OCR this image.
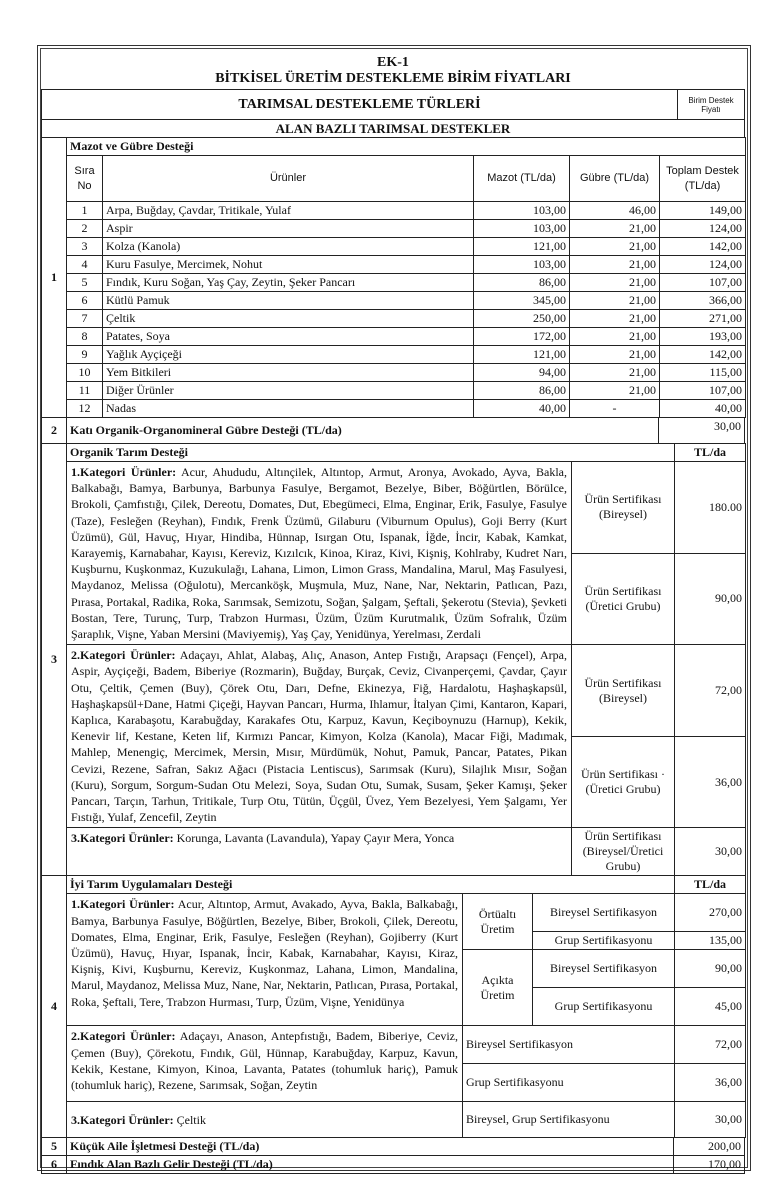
EK-1
BİTKİSEL ÜRETİM DESTEKLEME BİRİM FİYATLARI
TARIMSAL DESTEKLEME TÜRLERİ	Birim Destek Fiyatı
ALAN BAZLI TARIMSAL DESTEKLER
1	Mazot ve Gübre Desteği				
	Sıra No	Ürünler	Mazot (TL/da)	Gübre (TL/da)	Toplam Destek (TL/da)
	1	Arpa, Buğday, Çavdar, Tritikale, Yulaf	103,00	46,00	149,00
	2	Aspir	103,00	21,00	124,00
	3	Kolza (Kanola)	121,00	21,00	142,00
	4	Kuru Fasulye, Mercimek, Nohut	103,00	21,00	124,00
	5	Fındık, Kuru Soğan, Yaş Çay, Zeytin, Şeker Pancarı	86,00	21,00	107,00
	6	Kütlü Pamuk	345,00	21,00	366,00
	7	Çeltik	250,00	21,00	271,00
	8	Patates, Soya	172,00	21,00	193,00
	9	Yağlık Ayçiçeği	121,00	21,00	142,00
	10	Yem Bitkileri	94,00	21,00	115,00
	11	Diğer Ürünler	86,00	21,00	107,00
	12	Nadas	40,00	-	40,00
2	Katı Organik-Organomineral Gübre Desteği (TL/da)	30,00
3	Organik Tarım Desteği		TL/da
	1.Kategori Ürünler: Acur, Ahududu, Altınçilek, Altıntop, Armut, Aronya, Avokado, Ayva, Bakla, Balkabağı, Bamya, Barbunya, Barbunya Fasulye, Bergamot, Bezelye, Biber, Böğürtlen, Börülce, Brokoli, Çamfıstığı, Çilek, Dereotu, Domates, Dut, Ebegümeci, Elma, Enginar, Erik, Fasulye, Fasulye (Taze), Fesleğen (Reyhan), Fındık, Frenk Üzümü, Gilaburu (Viburnum Opulus), Goji Berry (Kurt Üzümü), Gül, Havuç, Hıyar, Hindiba, Hünnap, Isırgan Otu, Ispanak, İğde, İncir, Kabak, Kamkat, Karayemiş, Karnabahar, Kayısı, Kereviz, Kızılcık, Kinoa, Kiraz, Kivi, Kişniş, Kohlraby, Kudret Narı, Kuşburnu, Kuşkonmaz, Kuzukulağı, Lahana, Limon, Limon Grass, Mandalina, Marul, Maş Fasulyesi, Maydanoz, Melissa (Oğulotu), Mercanköşk, Muşmula, Muz, Nane, Nar, Nektarin, Patlıcan, Pazı, Pırasa, Portakal, Radika, Roka, Sarımsak, Semizotu, Soğan, Şalgam, Şeftali, Şekerotu (Stevia), Şevketi Bostan, Tere, Turunç, Turp, Trabzon Hurması, Üzüm, Üzüm Kurutmalık, Üzüm Sofralık, Üzüm Şaraplık, Vişne, Yaban Mersini (Maviyemiş), Yaş Çay, Yenidünya, Yerelması, Zerdali	Ürün Sertifikası (Bireysel)	180.00
		Ürün Sertifikası (Üretici Grubu)	90,00
	2.Kategori Ürünler: Adaçayı, Ahlat, Alabaş, Alıç, Anason, Antep Fıstığı, Arapsaçı (Fençel), Arpa, Aspir, Ayçiçeği, Badem, Biberiye (Rozmarin), Buğday, Burçak, Ceviz, Civanperçemi, Çavdar, Çayır Otu, Çeltik, Çemen (Buy), Çörek Otu, Darı, Defne, Ekinezya, Fiğ, Hardalotu, Haşhaşkapsül, Haşhaşkapsül+Dane, Hatmi Çiçeği, Hayvan Pancarı, Hurma, Ihlamur, İtalyan Çimi, Kantaron, Kapari, Kaplıca, Karabaşotu, Karabuğday, Karakafes Otu, Karpuz, Kavun, Keçiboynuzu (Harnup), Kekik, Kenevir lif, Kestane, Keten lif, Kırmızı Pancar, Kimyon, Kolza (Kanola), Macar Fiği, Madımak, Mahlep, Menengiç, Mercimek, Mersin, Mısır, Mürdümük, Nohut, Pamuk, Pancar, Patates, Pikan Cevizi, Rezene, Safran, Sakız Ağacı (Pistacia Lentiscus), Sarımsak (Kuru), Silajlık Mısır, Soğan (Kuru), Sorgum, Sorgum-Sudan Otu Melezi, Soya, Sudan Otu, Sumak, Susam, Şeker Kamışı, Şeker Pancarı, Tarçın, Tarhun, Tritikale, Turp Otu, Tütün, Üçgül, Üvez, Yem Bezelyesi, Yem Şalgamı, Yer Fıstığı, Yulaf, Zencefil, Zeytin	Ürün Sertifikası (Bireysel)	72,00
		Ürün Sertifikası · (Üretici Grubu)	36,00
	3.Kategori Ürünler: Korunga, Lavanta (Lavandula), Yapay Çayır Mera, Yonca	Ürün Sertifikası (Bireysel/Üretici Grubu)	30,00
4	İyi Tarım Uygulamaları Desteği			TL/da
	1.Kategori Ürünler: Acur, Altıntop, Armut, Avakado, Ayva, Bakla, Balkabağı, Bamya, Barbunya Fasulye, Böğürtlen, Bezelye, Biber, Brokoli, Çilek, Dereotu, Domates, Elma, Enginar, Erik, Fasulye, Fesleğen (Reyhan), Gojiberry (Kurt Üzümü), Havuç, Hıyar, Ispanak, İncir, Kabak, Karnabahar, Kayısı, Kiraz, Kişniş, Kivi, Kuşburnu, Kereviz, Kuşkonmaz, Lahana, Limon, Mandalina, Marul, Maydanoz, Melissa Muz, Nane, Nar, Nektarin, Patlıcan, Pırasa, Portakal, Roka, Şeftali, Tere, Trabzon Hurması, Turp, Üzüm, Vişne, Yenidünya	Örtüaltı Üretim	Bireysel Sertifikasyon	270,00
			Grup Sertifikasyonu	135,00
		Açıkta Üretim	Bireysel Sertifikasyon	90,00
			Grup Sertifikasyonu	45,00
	2.Kategori Ürünler: Adaçayı, Anason, Antepfıstığı, Badem, Biberiye, Ceviz, Çemen (Buy), Çörekotu, Fındık, Gül, Hünnap, Karabuğday, Karpuz, Kavun, Kekik, Kestane, Kimyon, Kinoa, Lavanta, Patates (tohumluk hariç), Pamuk (tohumluk hariç), Rezene, Sarımsak, Soğan, Zeytin	Bireysel Sertifikasyon		72,00
		Grup Sertifikasyonu		36,00
	3.Kategori Ürünler: Çeltik	Bireysel, Grup Sertifikasyonu		30,00
5	Küçük Aile İşletmesi Desteği (TL/da)	200,00
6	Fındık Alan Bazlı Gelir Desteği (TL/da)	170,00
